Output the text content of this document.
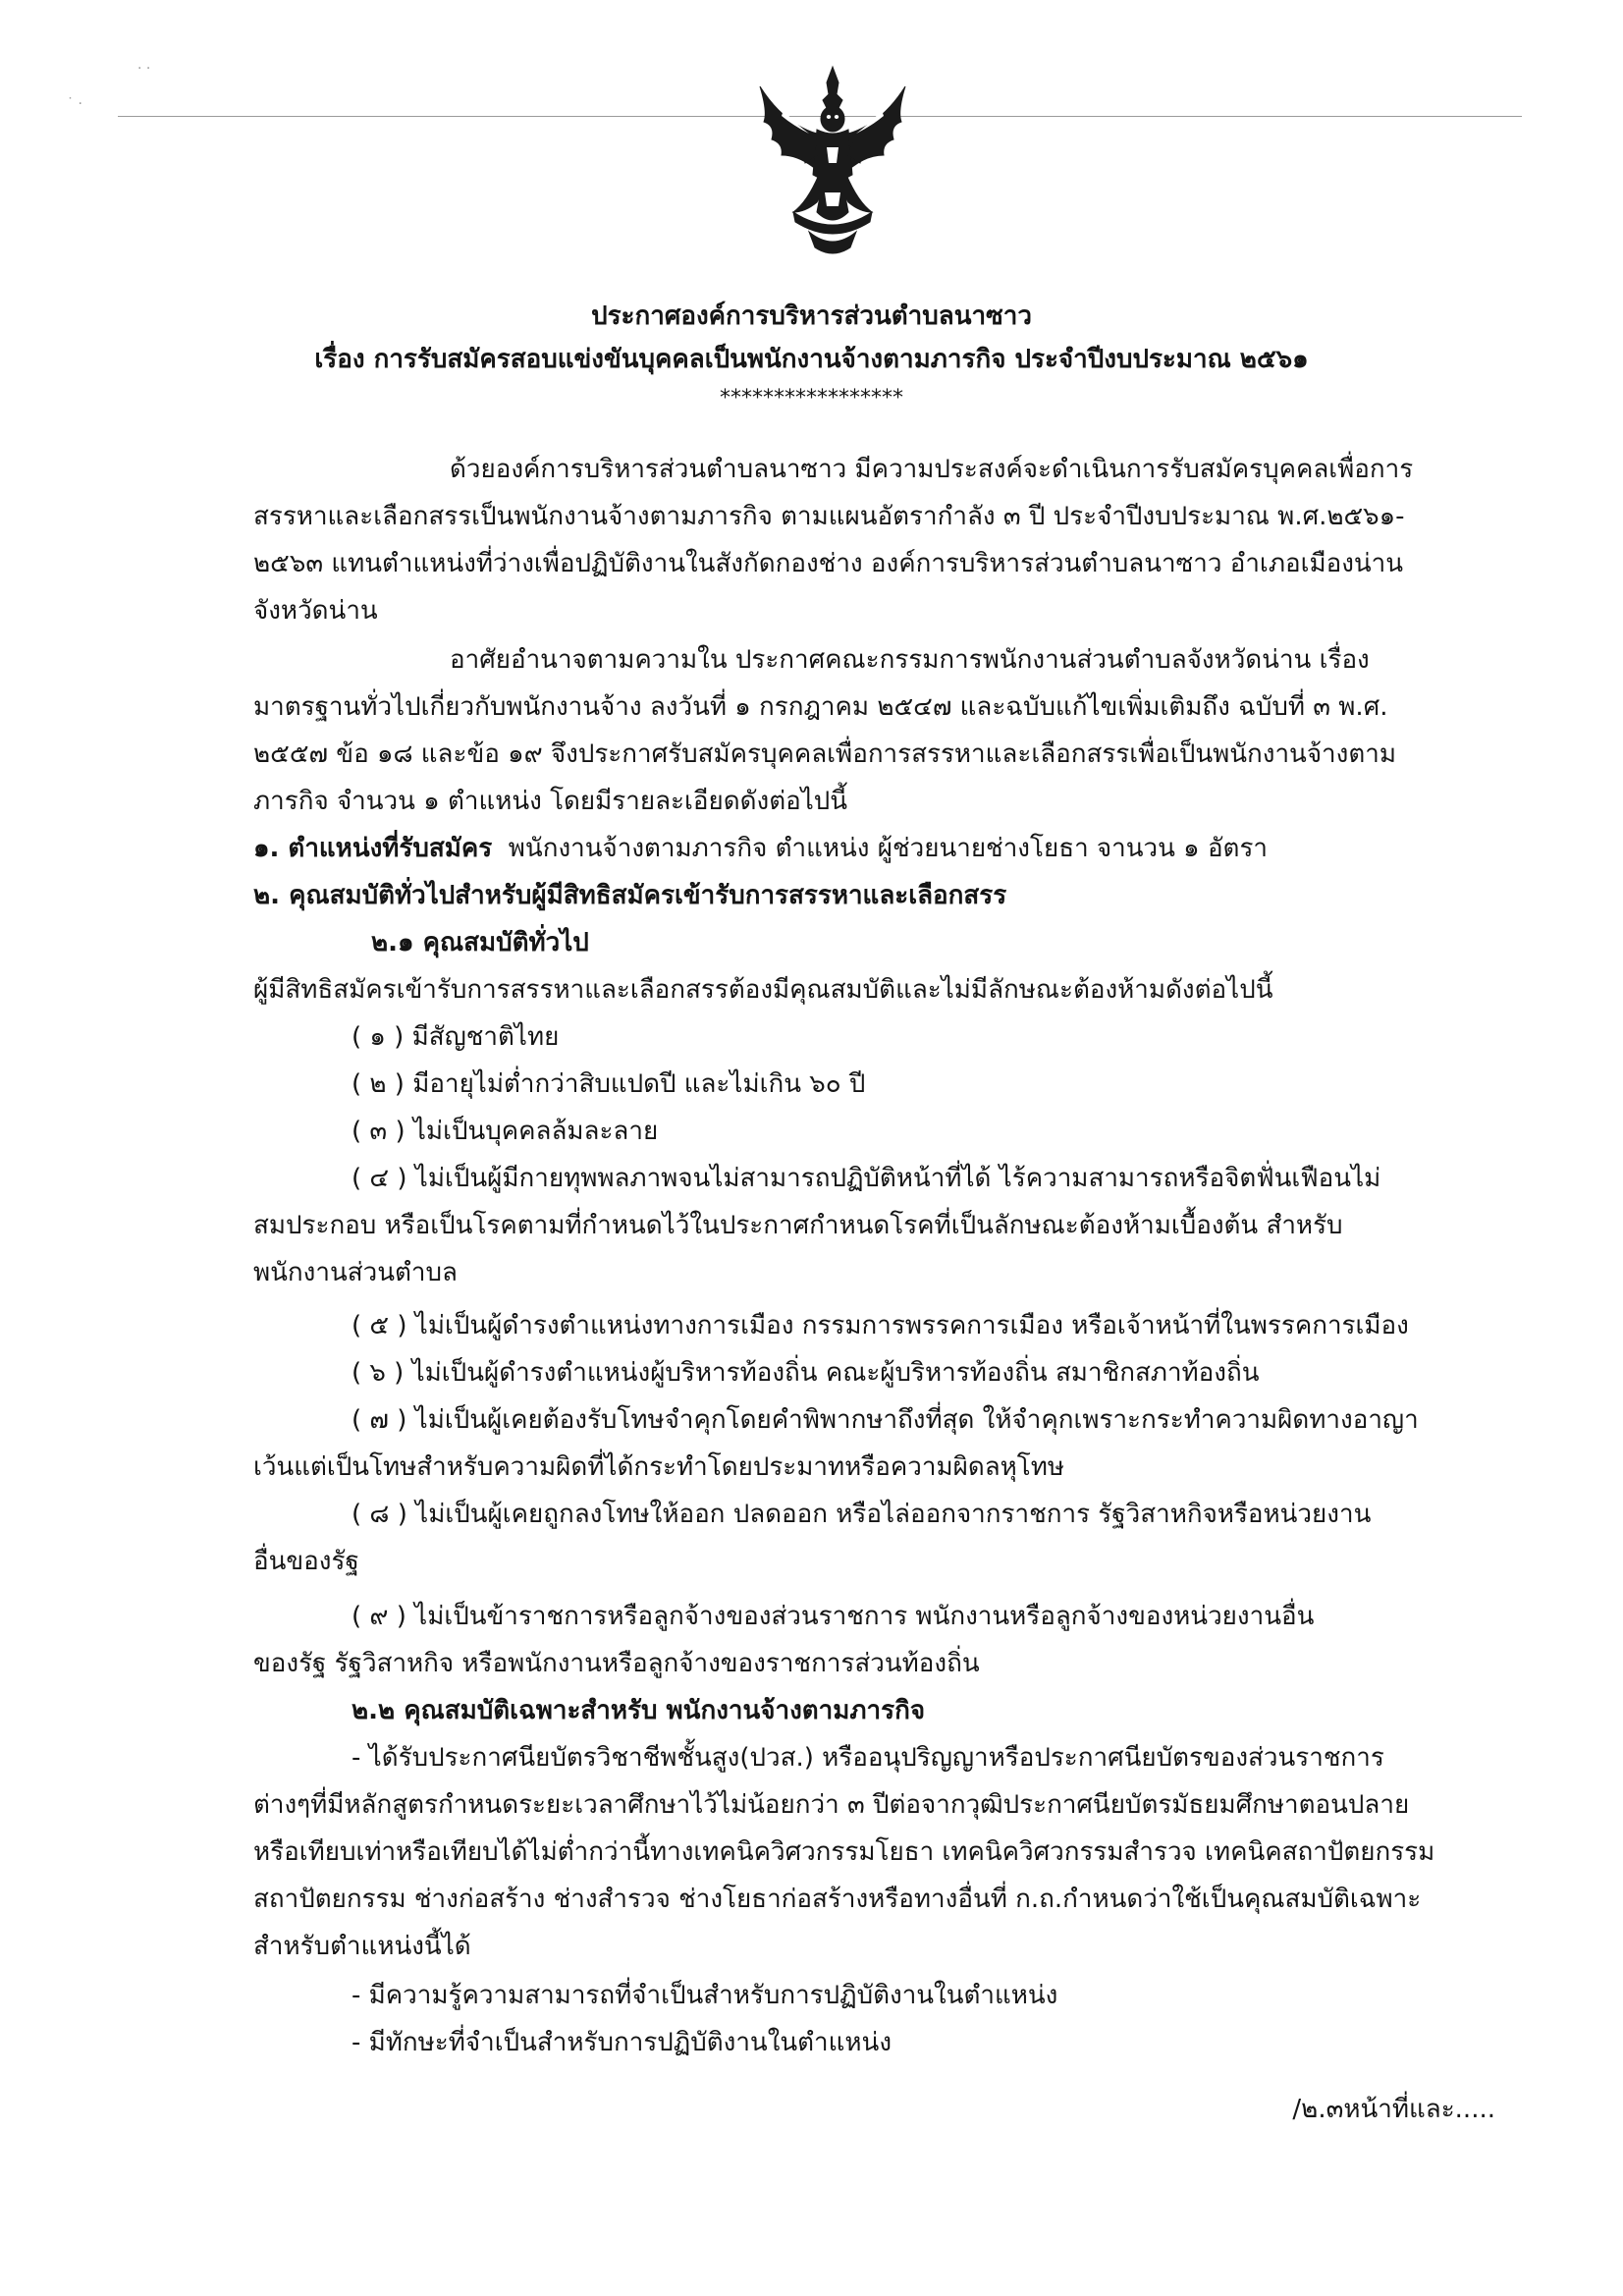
˙ ·
· ·

ประกาศองค์การบริหารส่วนตำบลนาซาว

เรื่อง การรับสมัครสอบแข่งขันบุคคลเป็นพนักงานจ้างตามภารกิจ ประจำปีงบประมาณ ๒๕๖๑

*****************

ด้วยองค์การบริหารส่วนตำบลนาซาว มีความประสงค์จะดำเนินการรับสมัครบุคคลเพื่อการ

สรรหาและเลือกสรรเป็นพนักงานจ้างตามภารกิจ ตามแผนอัตรากำลัง ๓ ปี ประจำปีงบประมาณ พ.ศ.๒๕๖๑-

๒๕๖๓ แทนตำแหน่งที่ว่างเพื่อปฏิบัติงานในสังกัดกองช่าง องค์การบริหารส่วนตำบลนาซาว อำเภอเมืองน่าน

จังหวัดน่าน

อาศัยอำนาจตามความใน ประกาศคณะกรรมการพนักงานส่วนตำบลจังหวัดน่าน เรื่อง

มาตรฐานทั่วไปเกี่ยวกับพนักงานจ้าง ลงวันที่ ๑ กรกฎาคม ๒๕๔๗ และฉบับแก้ไขเพิ่มเติมถึง ฉบับที่ ๓ พ.ศ.

๒๕๕๗ ข้อ ๑๘ และข้อ ๑๙ จึงประกาศรับสมัครบุคคลเพื่อการสรรหาและเลือกสรรเพื่อเป็นพนักงานจ้างตาม

ภารกิจ จำนวน ๑ ตำแหน่ง โดยมีรายละเอียดดังต่อไปนี้

๑. ตำแหน่งที่รับสมัคร พนักงานจ้างตามภารกิจ ตำแหน่ง ผู้ช่วยนายช่างโยธา จานวน ๑ อัตรา

๒. คุณสมบัติทั่วไปสำหรับผู้มีสิทธิสมัครเข้ารับการสรรหาและเลือกสรร

๒.๑ คุณสมบัติทั่วไป

ผู้มีสิทธิสมัครเข้ารับการสรรหาและเลือกสรรต้องมีคุณสมบัติและไม่มีลักษณะต้องห้ามดังต่อไปนี้

( ๑ ) มีสัญชาติไทย

( ๒ ) มีอายุไม่ต่ำกว่าสิบแปดปี และไม่เกิน ๖๐ ปี

( ๓ ) ไม่เป็นบุคคลล้มละลาย

( ๔ ) ไม่เป็นผู้มีกายทุพพลภาพจนไม่สามารถปฏิบัติหน้าที่ได้ ไร้ความสามารถหรือจิตฟั่นเฟือนไม่

สมประกอบ หรือเป็นโรคตามที่กำหนดไว้ในประกาศกำหนดโรคที่เป็นลักษณะต้องห้ามเบื้องต้น สำหรับ

พนักงานส่วนตำบล

( ๕ ) ไม่เป็นผู้ดำรงตำแหน่งทางการเมือง กรรมการพรรคการเมือง หรือเจ้าหน้าที่ในพรรคการเมือง

( ๖ ) ไม่เป็นผู้ดำรงตำแหน่งผู้บริหารท้องถิ่น คณะผู้บริหารท้องถิ่น สมาชิกสภาท้องถิ่น

( ๗ ) ไม่เป็นผู้เคยต้องรับโทษจำคุกโดยคำพิพากษาถึงที่สุด ให้จำคุกเพราะกระทำความผิดทางอาญา

เว้นแต่เป็นโทษสำหรับความผิดที่ได้กระทำโดยประมาทหรือความผิดลหุโทษ

( ๘ ) ไม่เป็นผู้เคยถูกลงโทษให้ออก ปลดออก หรือไล่ออกจากราชการ รัฐวิสาหกิจหรือหน่วยงาน

อื่นของรัฐ

( ๙ ) ไม่เป็นข้าราชการหรือลูกจ้างของส่วนราชการ พนักงานหรือลูกจ้างของหน่วยงานอื่น

ของรัฐ รัฐวิสาหกิจ หรือพนักงานหรือลูกจ้างของราชการส่วนท้องถิ่น

๒.๒ คุณสมบัติเฉพาะสำหรับ พนักงานจ้างตามภารกิจ

- ได้รับประกาศนียบัตรวิชาชีพชั้นสูง(ปวส.) หรืออนุปริญญาหรือประกาศนียบัตรของส่วนราชการ

ต่างๆที่มีหลักสูตรกำหนดระยะเวลาศึกษาไว้ไม่น้อยกว่า ๓ ปีต่อจากวุฒิประกาศนียบัตรมัธยมศึกษาตอนปลาย

หรือเทียบเท่าหรือเทียบได้ไม่ต่ำกว่านี้ทางเทคนิควิศวกรรมโยธา เทคนิควิศวกรรมสำรวจ เทคนิคสถาปัตยกรรม

สถาปัตยกรรม ช่างก่อสร้าง ช่างสำรวจ ช่างโยธาก่อสร้างหรือทางอื่นที่ ก.ถ.กำหนดว่าใช้เป็นคุณสมบัติเฉพาะ

สำหรับตำแหน่งนี้ได้

- มีความรู้ความสามารถที่จำเป็นสำหรับการปฏิบัติงานในตำแหน่ง

- มีทักษะที่จำเป็นสำหรับการปฏิบัติงานในตำแหน่ง

/๒.๓หน้าที่และ.....
